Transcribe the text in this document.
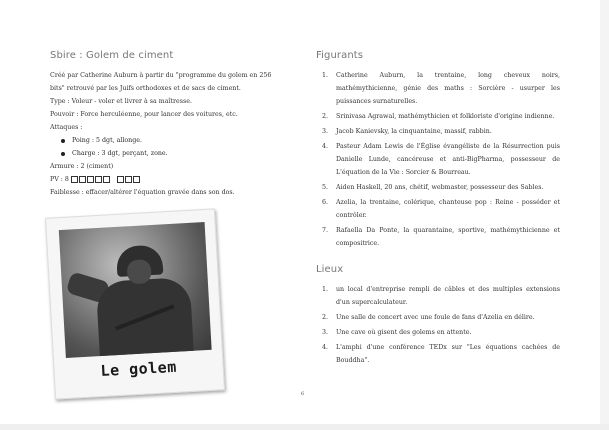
Sbire : Golem de ciment

Créé par Catherine Auburn à partir du "programme du golem en 256

bits" retrouvé par les Juifs orthodoxes et de sacs de ciment.

Type : Voleur - voler et livrer à sa maîtresse.

Pouvoir : Force herculéenne, pour lancer des voitures, etc.

Attaques :

Poing : 5 dgt, allonge.
Charge : 3 dgt, perçant, zone.

Armure : 2 (ciment)

PV : 8

Faiblesse : effacer/altérer l'équation gravée dans son dos.

Le golem
Figurants
1. Catherine Auburn, la trentaine, long cheveux noirs, mathémythicienne, génie des maths : Sorcière - usurper les puissances surnaturelles.
2. Srinivasa Agrawal, mathémythicien et folkloriste d'origine indienne.
3. Jacob Kanievsky, la cinquantaine, massif, rabbin.
4. Pasteur Adam Lewis de l'Église évangéliste de la Résurrection puis Danielle Lunde, cancéreuse et anti-BigPharma, possesseur de L'équation de la Vie : Sorcier & Bourreau.
5. Aiden Haskell, 20 ans, chétif, webmaster, possesseur des Sables.
6. Azelia, la trentaine, colérique, chanteuse pop : Reine - posséder et contrôler.
7. Rafaella Da Ponte, la quarantaine, sportive, mathémythicienne et compositrice.
Lieux
1. un local d'entreprise rempli de câbles et des multiples extensions d'un supercalculateur.
2. Une salle de concert avec une foule de fans d'Azelia en délire.
3. Une cave où gisent des golems en attente.
4. L'amphi d'une conférence TEDx sur "Les équations cachées de Bouddha".
6
